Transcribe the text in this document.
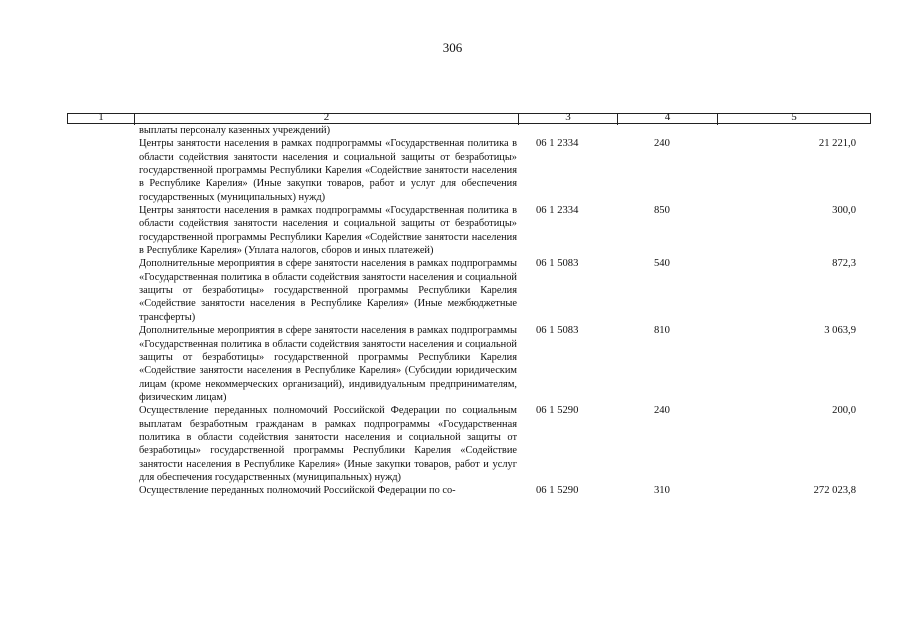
306
1	2	3	4	5
выплаты персоналу казенных учреждений)
Центры занятости населения в рамках подпрограммы «Государственная политика в области содействия занятости населения и социальной защиты от безработицы» государственной программы Республики Карелия «Содействие занятости населения в Республике Карелия» (Иные закупки товаров, работ и услуг для обеспечения государственных (муниципальных) нужд)
06 1 2334	240	21 221,0
Центры занятости населения в рамках подпрограммы «Государственная политика в области содействия занятости населения и социальной защиты от безработицы» государственной программы Республики Карелия «Содействие занятости населения в Республике Карелия» (Уплата налогов, сборов и иных платежей)
06 1 2334	850	300,0
Дополнительные мероприятия в сфере занятости населения в рамках подпрограммы «Государственная политика в области содействия занятости населения и социальной защиты от безработицы» государственной программы Республики Карелия «Содействие занятости населения в Республике Карелия» (Иные межбюджетные трансферты)
06 1 5083	540	872,3
Дополнительные мероприятия в сфере занятости населения в рамках подпрограммы «Государственная политика в области содействия занятости населения и социальной защиты от безработицы» государственной программы Республики Карелия «Содействие занятости населения в Республике Карелия» (Субсидии юридическим лицам (кроме некоммерческих организаций), индивидуальным предпринимателям, физическим лицам)
06 1 5083	810	3 063,9
Осуществление переданных полномочий Российской Федерации по социальным выплатам безработным гражданам в рамках подпрограммы «Государственная политика в области содействия занятости населения и социальной защиты от безработицы» государственной программы Республики Карелия «Содействие занятости населения в Республике Карелия» (Иные закупки товаров, работ и услуг для обеспечения государственных (муниципальных) нужд)
06 1 5290	240	200,0
Осуществление переданных полномочий Российской Федерации по со-	06 1 5290	310	272 023,8
